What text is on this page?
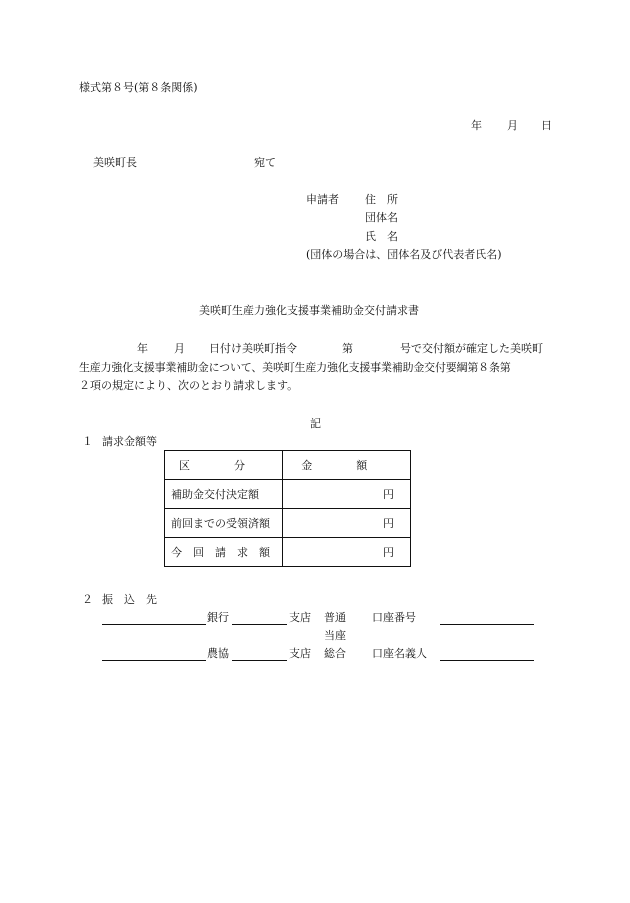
様式第８号(第８条関係)
年 月 日
美咲町長	宛て
申請者 住　所
団体名
氏　名
(団体の場合は、団体名及び代表者氏名)
美咲町生産力強化支援事業補助金交付請求書
年 月 日付け美咲町指令	第	号で交付額が確定した美咲町
生産力強化支援事業補助金について、美咲町生産力強化支援事業補助金交付要綱第８条第
２項の規定により、次のとおり請求します。
記
１ 請求金額等
区　　　　分	金　　　　額
補助金交付決定額	円
前回までの受領済額	円
今　回　請　求　額	円
２ 振　込　先
銀行	支店 普通 口座番号
当座
農協	支店 総合 口座名義人
